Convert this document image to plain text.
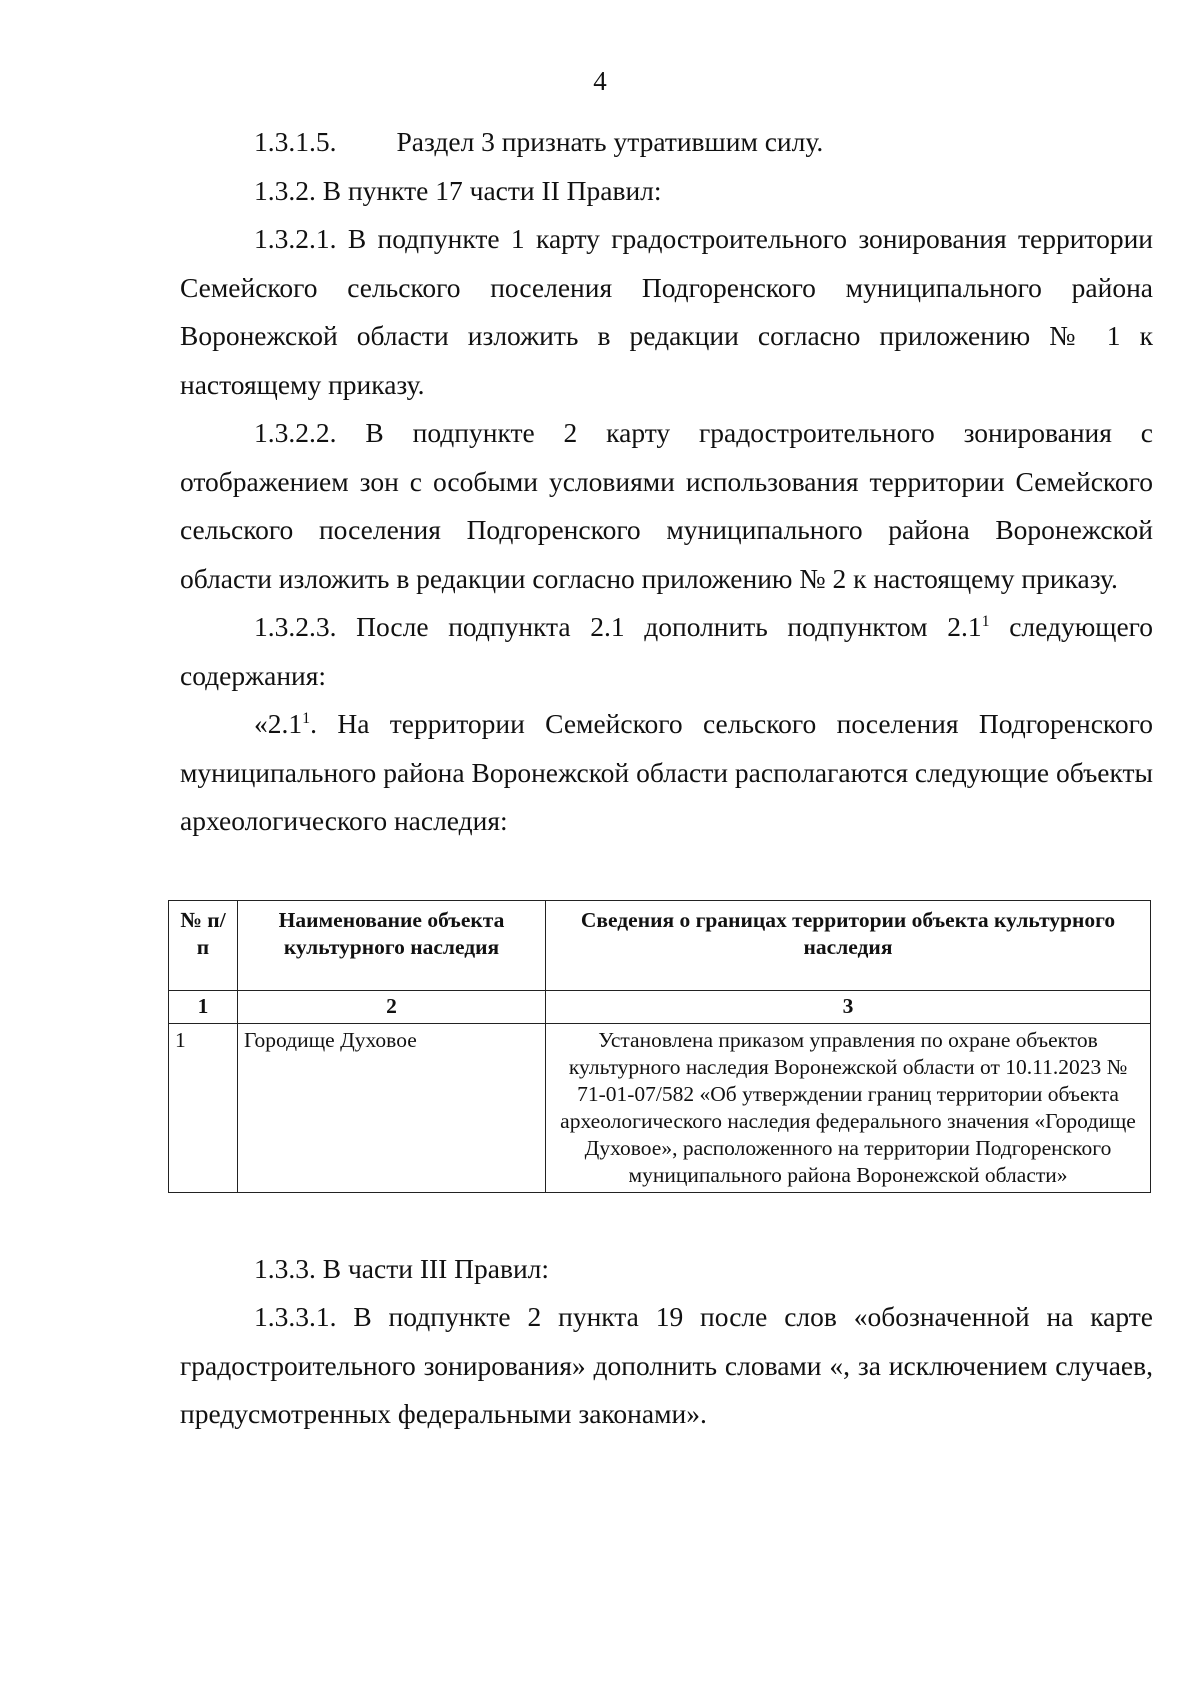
4

1.3.1.5. Раздел 3 признать утратившим силу.

1.3.2. В пункте 17 части II Правил:

1.3.2.1. В подпункте 1 карту градостроительного зонирования территории Семейского сельского поселения Подгоренского муниципального района Воронежской области изложить в редакции согласно приложению № 1 к настоящему приказу.

1.3.2.2. В подпункте 2 карту градостроительного зонирования с отображением зон с особыми условиями использования территории Семейского сельского поселения Подгоренского муниципального района Воронежской области изложить в редакции согласно приложению № 2 к настоящему приказу.

1.3.2.3. После подпункта 2.1 дополнить подпунктом $2.1^1$ следующего содержания:

«$2.1^1$. На территории Семейского сельского поселения Подгоренского муниципального района Воронежской области располагаются следующие объекты археологического наследия:

№ п/п	Наименование объекта культурного наследия	Сведения о границах территории объекта культурного наследия
1	2	3
1	Городище Духовое	Установлена приказом управления по охране объектов культурного наследия Воронежской области от 10.11.2023 № 71-01-07/582 «Об утверждении границ территории объекта археологического наследия федерального значения «Городище Духовое», расположенного на территории Подгоренского муниципального района Воронежской области»

1.3.3. В части III Правил:

1.3.3.1. В подпункте 2 пункта 19 после слов «обозначенной на карте градостроительного зонирования» дополнить словами «, за исключением случаев, предусмотренных федеральными законами».
